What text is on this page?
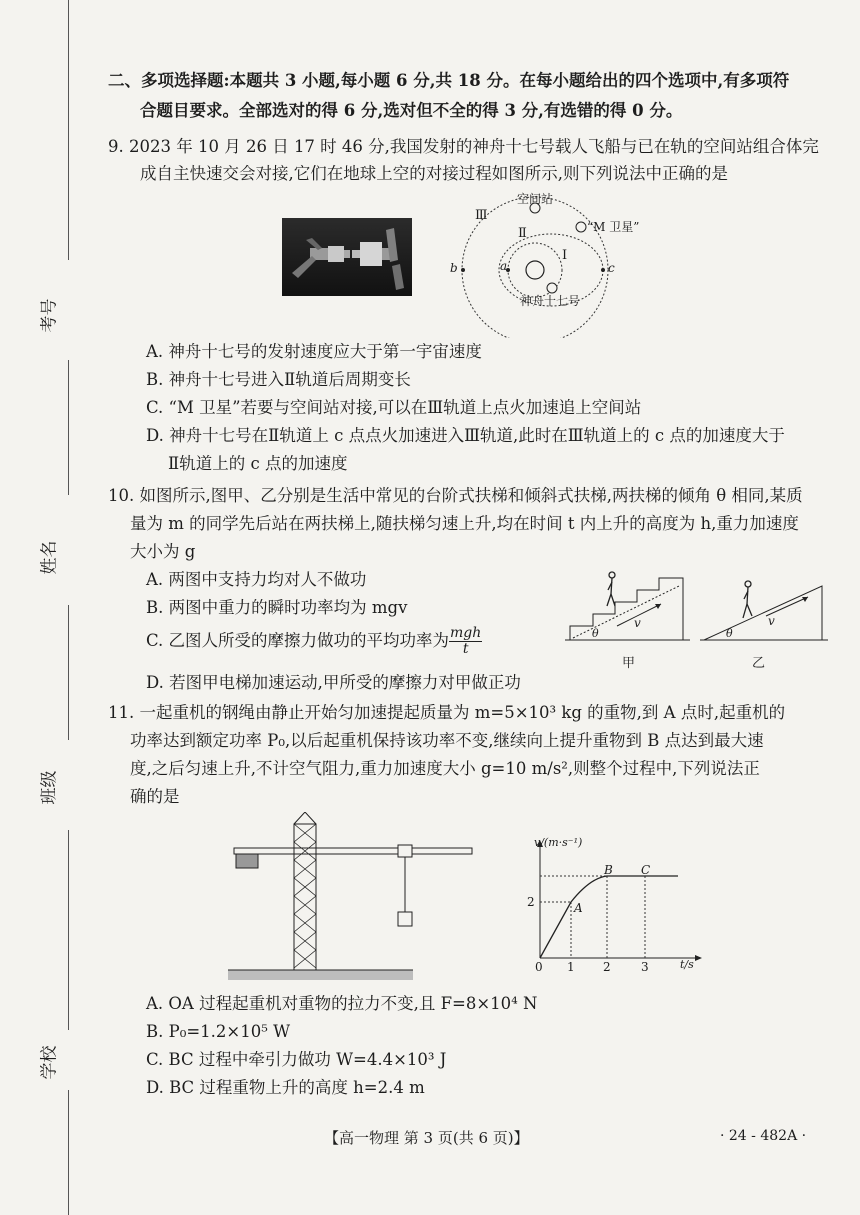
考号
姓名
班级
学校
二、多项选择题:本题共 3 小题,每小题 6 分,共 18 分。在每小题给出的四个选项中,有多项符
合题目要求。全部选对的得 6 分,选对但不全的得 3 分,有选错的得 0 分。
9. 2023 年 10 月 26 日 17 时 46 分,我国发射的神舟十七号载人飞船与已在轨的空间站组合体完
成自主快速交会对接,它们在地球上空的对接过程如图所示,则下列说法中正确的是
空间站
“M 卫星”
神舟十七号
Ⅲ
Ⅱ
Ⅰ
a
b	c
A. 神舟十七号的发射速度应大于第一宇宙速度
B. 神舟十七号进入Ⅱ轨道后周期变长
C. “M 卫星”若要与空间站对接,可以在Ⅲ轨道上点火加速追上空间站
D. 神舟十七号在Ⅱ轨道上 c 点点火加速进入Ⅲ轨道,此时在Ⅲ轨道上的 c 点的加速度大于
Ⅱ轨道上的 c 点的加速度
10. 如图所示,图甲、乙分别是生活中常见的台阶式扶梯和倾斜式扶梯,两扶梯的倾角 θ 相同,某质
量为 m 的同学先后站在两扶梯上,随扶梯匀速上升,均在时间 t 内上升的高度为 h,重力加速度
大小为 g
A. 两图中支持力均对人不做功
B. 两图中重力的瞬时功率均为 mgv
C. 乙图人所受的摩擦力做功的平均功率为 $\frac{\text{mgh}}{t}$
D. 若图甲电梯加速运动,甲所受的摩擦力对甲做正功
θ
v
甲
θ
v
乙
11. 一起重机的钢绳由静止开始匀加速提起质量为 m=5×10³ kg 的重物,到 A 点时,起重机的
功率达到额定功率 P₀,以后起重机保持该功率不变,继续向上提升重物到 B 点达到最大速
度,之后匀速上升,不计空气阻力,重力加速度大小 g=10 m/s²,则整个过程中,下列说法正
确的是
v/(m·s⁻¹)
t/s
2
0 1 2	3
A
B C
A. OA 过程起重机对重物的拉力不变,且 F=8×10⁴ N
B. P₀=1.2×10⁵ W
C. BC 过程中牵引力做功 W=4.4×10³ J
D. BC 过程重物上升的高度 h=2.4 m
【高一物理 第 3 页(共 6 页)】	· 24 - 482A ·
